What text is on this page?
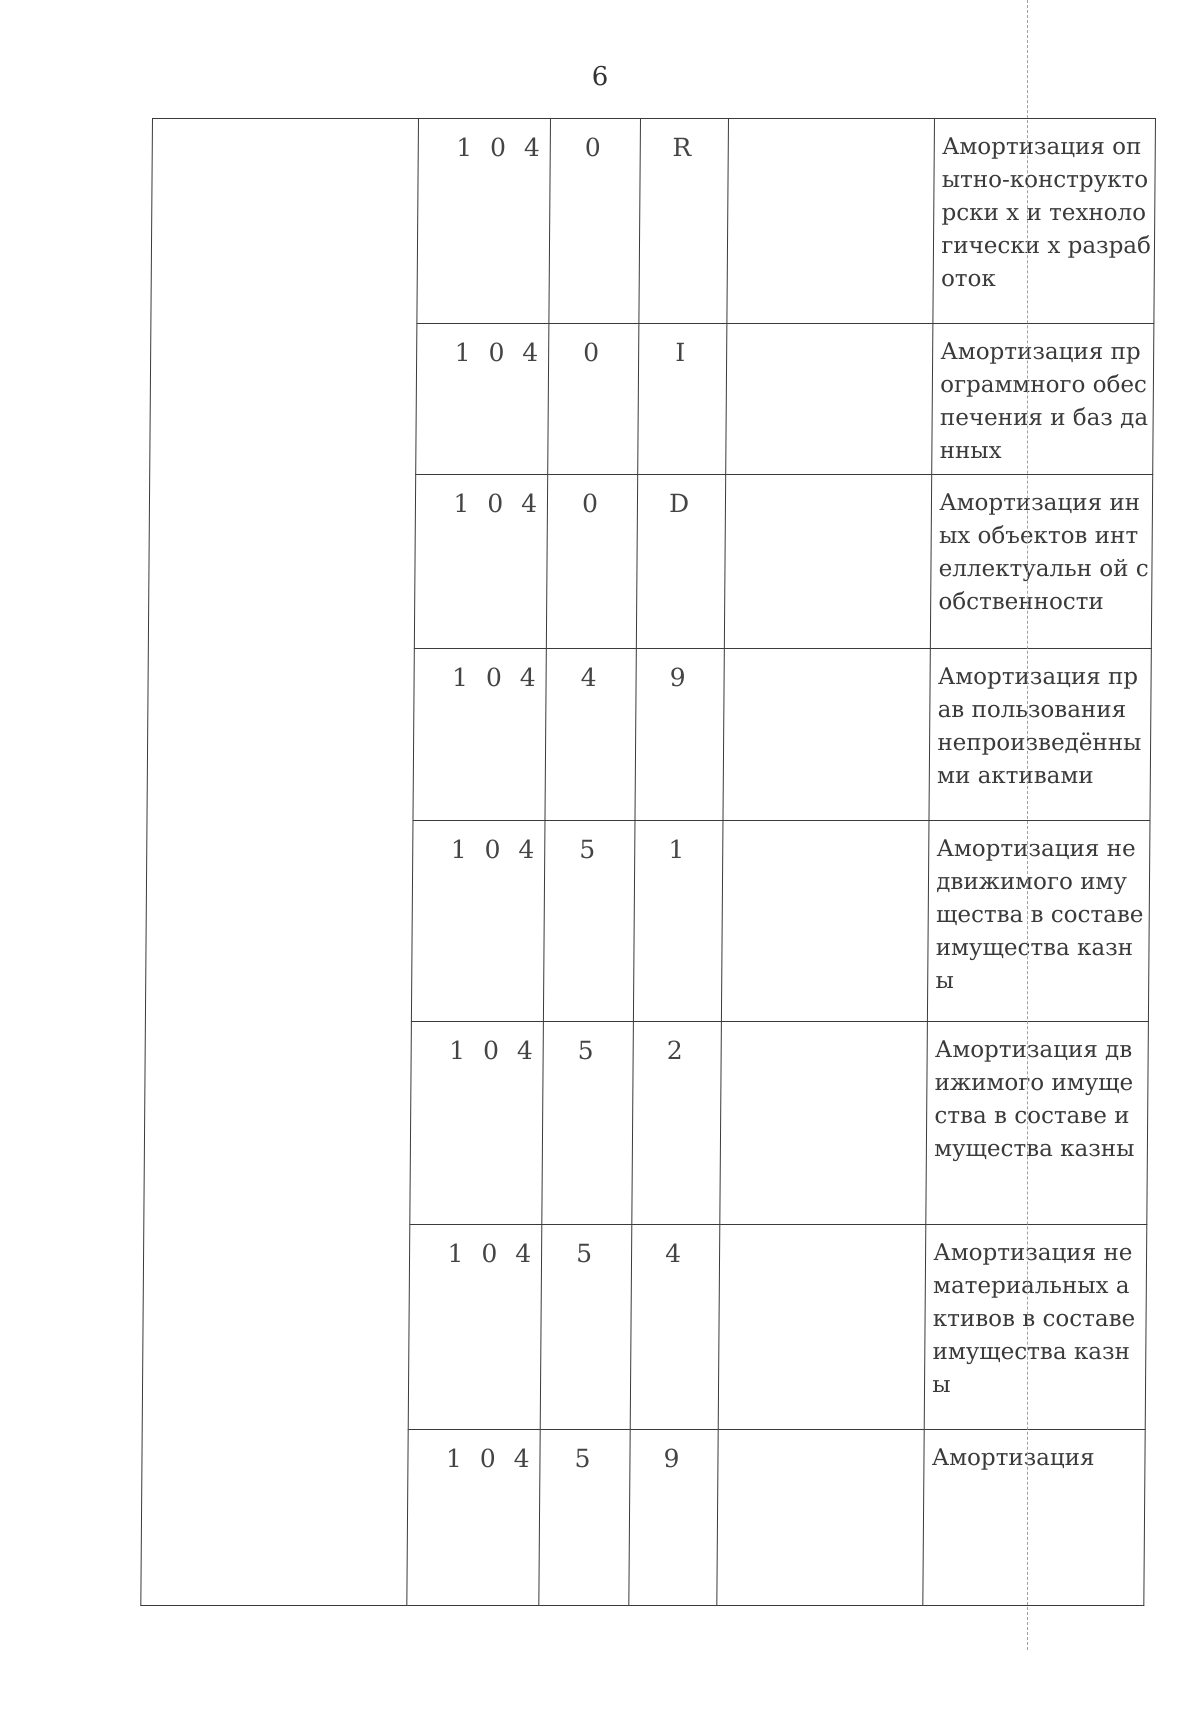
6
	1 0 4	0	R		Амортизация опытно-конструкторски х и технологически х разработок
	1 0 4	0	I		Амортизация программного обеспечения и баз данных
	1 0 4	0	D		Амортизация иных объектов интеллектуальн ой собственности
	1 0 4	4	9		Амортизация прав пользования непроизведённы ми активами
	1 0 4	5	1		Амортизация недвижимого имущества в составе имущества казны
	1 0 4	5	2		Амортизация движимого имущества в составе имущества казны
	1 0 4	5	4		Амортизация нематериальных активов в составе имущества казны
	1 0 4	5	9		Амортизация
